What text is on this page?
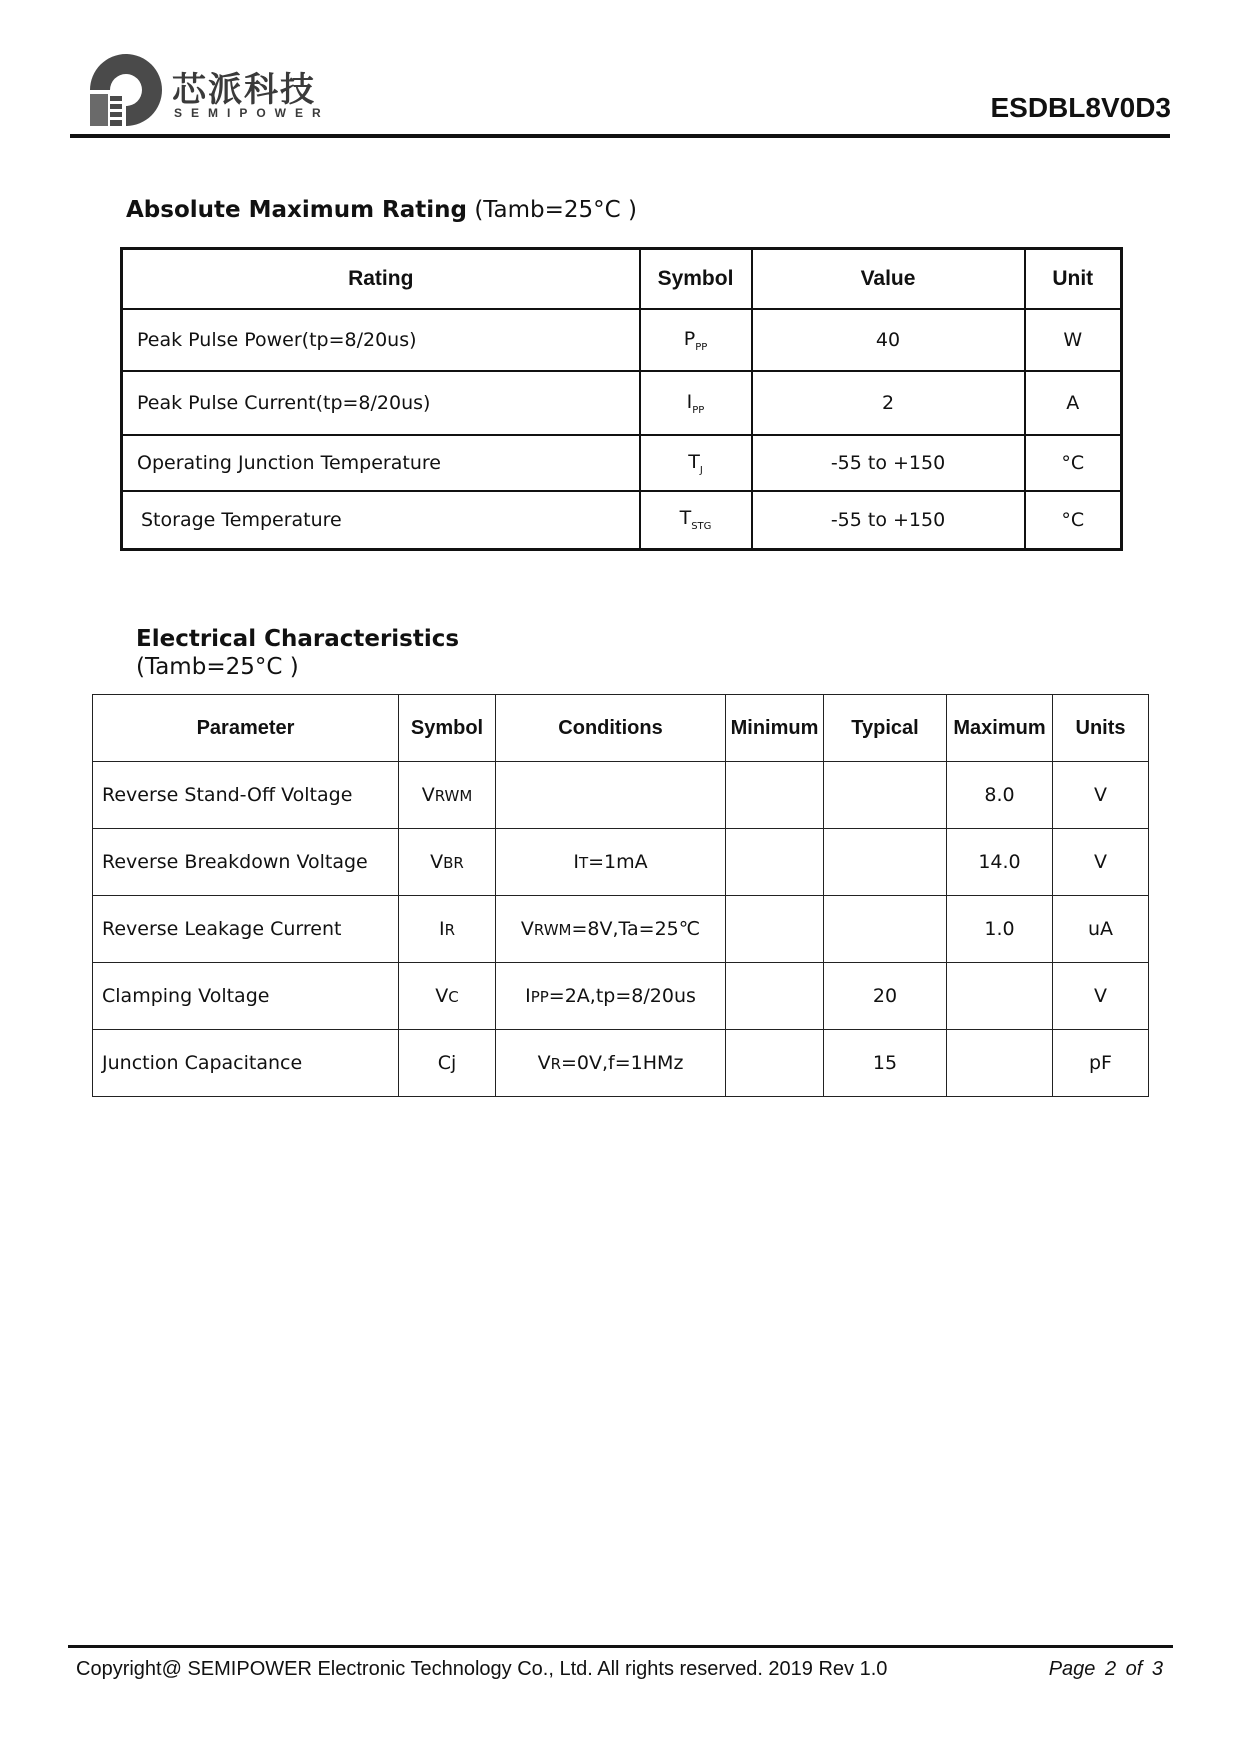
芯派科技
SEMIPOWER	ESDBL8V0D3
Absolute Maximum Rating (Tamb=25°C )
Rating	Symbol	Value	Unit
Peak Pulse Power(tp=8/20us)	$P_{PP}$	40	W
Peak Pulse Current(tp=8/20us)	$I_{PP}$	2	A
Operating Junction Temperature	$T_J$	-55 to +150	°C
Storage Temperature	$T_{STG}$	-55 to +150	°C
Electrical Characteristics
(Tamb=25°C )
Parameter	Symbol	Conditions	Minimum	Typical	Maximum	Units
Reverse Stand-Off Voltage	VRWM				8.0	V
Reverse Breakdown Voltage	VBR	IT=1mA			14.0	V
Reverse Leakage Current	IR	VRWM=8V,Ta=25℃			1.0	uA
Clamping Voltage	VC	IPP=2A,tp=8/20us		20		V
Junction Capacitance	Cj	VR=0V,f=1HMz		15		pF
Copyright@ SEMIPOWER Electronic Technology Co., Ltd. All rights reserved. 2019 Rev 1.0	Page 2 of 3
